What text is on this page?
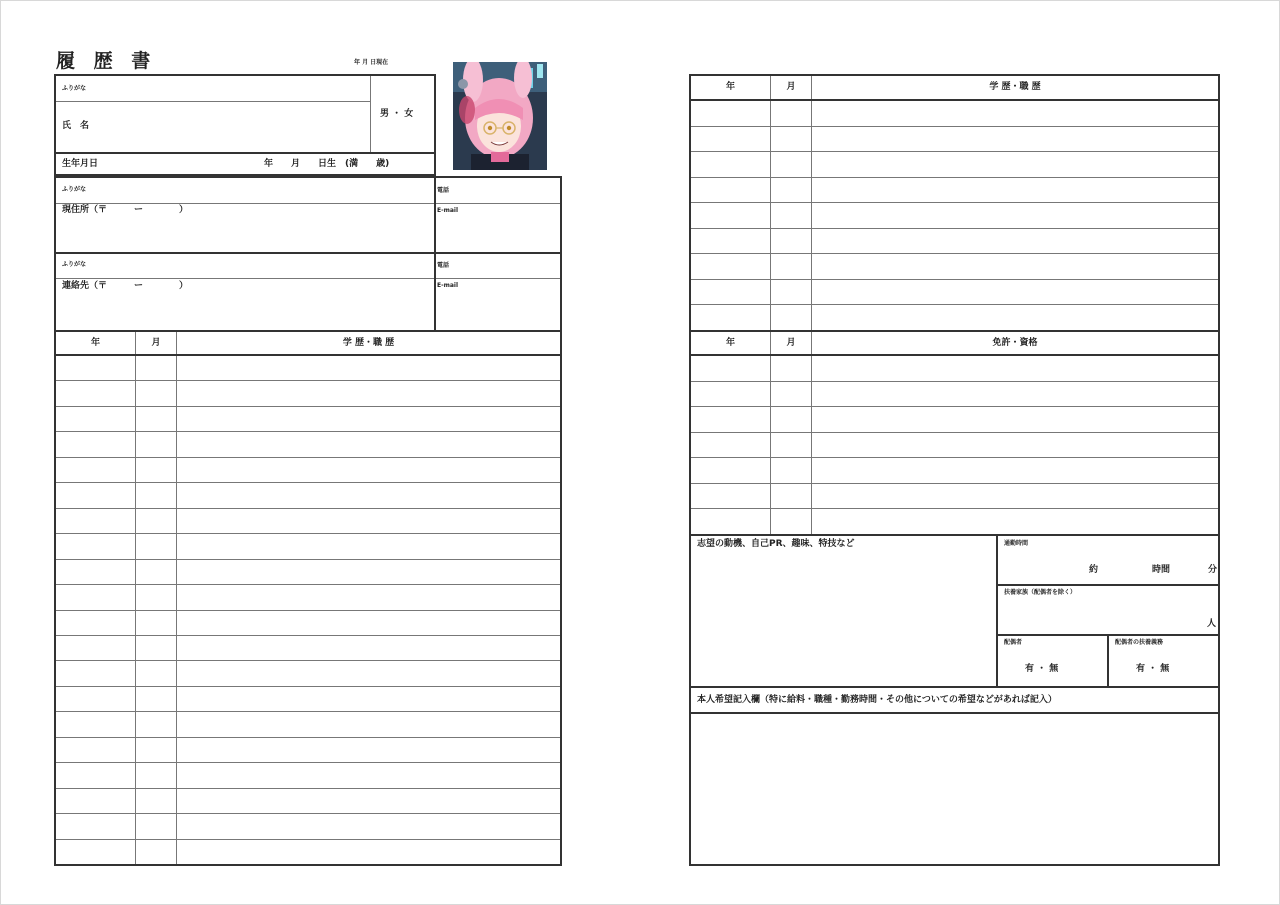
履 歴 書	年 月 日現在
ふりがな
氏　名
男 ・ 女
生年月日	年　　月　　日生　(満　　歳)
ふりがな
現住所（〒　　　ー　　　　）
電話
E-mail
ふりがな
連絡先（〒　　　ー　　　　）
電話
E-mail
年	月	学 歴・職 歴
年	月	学 歴・職 歴
年	月	免許・資格
志望の動機、自己PR、趣味、特技など	通勤時間
約	時間	分
扶養家族（配偶者を除く）
人
配偶者
有 ・ 無
配偶者の扶養義務
有 ・ 無
本人希望記入欄（特に給料・職種・勤務時間・その他についての希望などがあれば記入）
